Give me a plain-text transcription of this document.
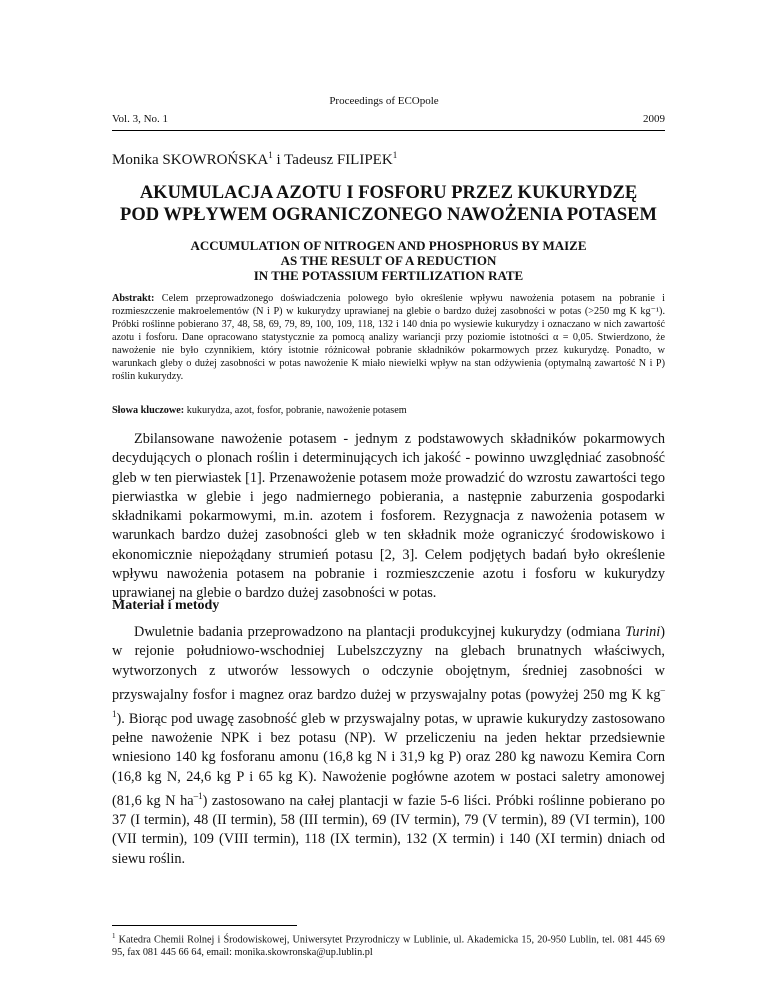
Proceedings of ECOpole
Vol. 3, No. 1	2009
Monika SKOWROŃSKA$^1$ i Tadeusz FILIPEK$^1$
AKUMULACJA AZOTU I FOSFORU PRZEZ KUKURYDZĘ
POD WPŁYWEM OGRANICZONEGO NAWOŻENIA POTASEM
ACCUMULATION OF NITROGEN AND PHOSPHORUS BY MAIZE
AS THE RESULT OF A REDUCTION
IN THE POTASSIUM FERTILIZATION RATE
Abstrakt: Celem przeprowadzonego doświadczenia polowego było określenie wpływu nawożenia potasem na pobranie i rozmieszczenie makroelementów (N i P) w kukurydzy uprawianej na glebie o bardzo dużej zasobności w potas (>250 mg K kg⁻¹). Próbki roślinne pobierano 37, 48, 58, 69, 79, 89, 100, 109, 118, 132 i 140 dnia po wysiewie kukurydzy i oznaczano w nich zawartość azotu i fosforu. Dane opracowano statystycznie za pomocą analizy wariancji przy poziomie istotności α = 0,05. Stwierdzono, że nawożenie nie było czynnikiem, który istotnie różnicował pobranie składników pokarmowych przez kukurydzę. Ponadto, w warunkach gleby o dużej zasobności w potas nawożenie K miało niewielki wpływ na stan odżywienia (optymalną zawartość N i P) roślin kukurydzy.
Słowa kluczowe: kukurydza, azot, fosfor, pobranie, nawożenie potasem
Zbilansowane nawożenie potasem - jednym z podstawowych składników pokarmowych decydujących o plonach roślin i determinujących ich jakość - powinno uwzględniać zasobność gleb w ten pierwiastek [1]. Przenawożenie potasem może prowadzić do wzrostu zawartości tego pierwiastka w glebie i jego nadmiernego pobierania, a następnie zaburzenia gospodarki składnikami pokarmowymi, m.in. azotem i fosforem. Rezygnacja z nawożenia potasem w warunkach bardzo dużej zasobności gleb w ten składnik może ograniczyć środowiskowo i ekonomicznie niepożądany strumień potasu [2, 3]. Celem podjętych badań było określenie wpływu nawożenia potasem na pobranie i rozmieszczenie azotu i fosforu w kukurydzy uprawianej na glebie o bardzo dużej zasobności w potas.
Materiał i metody
Dwuletnie badania przeprowadzono na plantacji produkcyjnej kukurydzy (odmiana Turini) w rejonie południowo-wschodniej Lubelszczyzny na glebach brunatnych właściwych, wytworzonych z utworów lessowych o odczynie obojętnym, średniej zasobności w przyswajalny fosfor i magnez oraz bardzo dużej w przyswajalny potas (powyżej 250 mg K $kg^{-1}$). Biorąc pod uwagę zasobność gleb w przyswajalny potas, w uprawie kukurydzy zastosowano pełne nawożenie NPK i bez potasu (NP). W przeliczeniu na jeden hektar przedsiewnie wniesiono 140 kg fosforanu amonu (16,8 kg N i 31,9 kg P) oraz 280 kg nawozu Kemira Corn (16,8 kg N, 24,6 kg P i 65 kg K). Nawożenie pogłówne azotem w postaci saletry amonowej (81,6 kg N $ha^{-1}$) zastosowano na całej plantacji w fazie 5-6 liści. Próbki roślinne pobierano po 37 (I termin), 48 (II termin), 58 (III termin), 69 (IV termin), 79 (V termin), 89 (VI termin), 100 (VII termin), 109 (VIII termin), 118 (IX termin), 132 (X termin) i 140 (XI termin) dniach od siewu roślin.
$^1$ Katedra Chemii Rolnej i Środowiskowej, Uniwersytet Przyrodniczy w Lublinie, ul. Akademicka 15, 20-950 Lublin, tel. 081 445 69 95, fax 081 445 66 64, email: monika.skowronska@up.lublin.pl
